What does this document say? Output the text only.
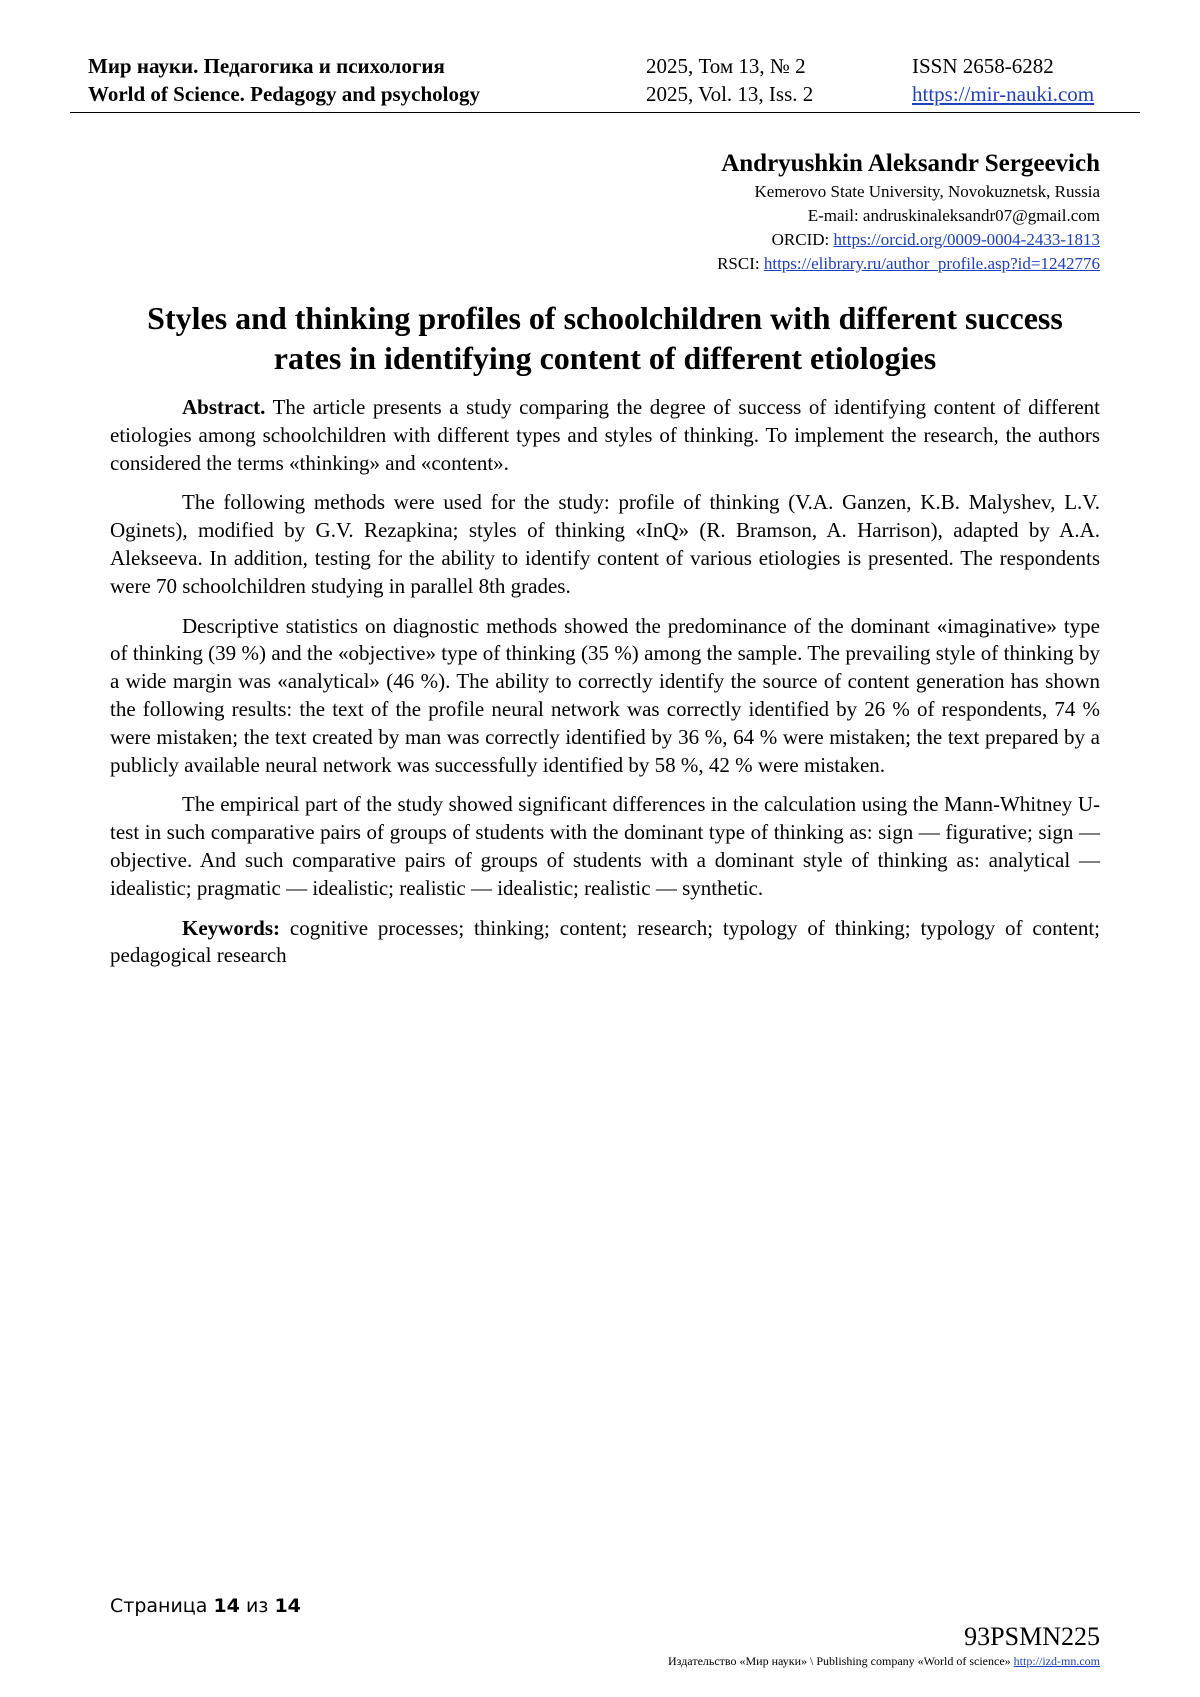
Мир науки. Педагогика и психология
World of Science. Pedagogy and psychology
2025, Том 13, № 2
2025, Vol. 13, Iss. 2
ISSN 2658-6282
https://mir-nauki.com
Andryushkin Aleksandr Sergeevich
Kemerovo State University, Novokuznetsk, Russia
E-mail: andruskinaleksandr07@gmail.com
ORCID: https://orcid.org/0009-0004-2433-1813
RSCI: https://elibrary.ru/author_profile.asp?id=1242776
Styles and thinking profiles of schoolchildren with different success rates in identifying content of different etiologies

Abstract. The article presents a study comparing the degree of success of identifying content of different etiologies among schoolchildren with different types and styles of thinking. To implement the research, the authors considered the terms «thinking» and «content».

The following methods were used for the study: profile of thinking (V.A. Ganzen, K.B. Malyshev, L.V. Oginets), modified by G.V. Rezapkina; styles of thinking «InQ» (R. Bramson, A. Harrison), adapted by A.A. Alekseeva. In addition, testing for the ability to identify content of various etiologies is presented. The respondents were 70 schoolchildren studying in parallel 8th grades.

Descriptive statistics on diagnostic methods showed the predominance of the dominant «imaginative» type of thinking (39 %) and the «objective» type of thinking (35 %) among the sample. The prevailing style of thinking by a wide margin was «analytical» (46 %). The ability to correctly identify the source of content generation has shown the following results: the text of the profile neural network was correctly identified by 26 % of respondents, 74 % were mistaken; the text created by man was correctly identified by 36 %, 64 % were mistaken; the text prepared by a publicly available neural network was successfully identified by 58 %, 42 % were mistaken.

The empirical part of the study showed significant differences in the calculation using the Mann-Whitney U-test in such comparative pairs of groups of students with the dominant type of thinking as: sign — figurative; sign — objective. And such comparative pairs of groups of students with a dominant style of thinking as: analytical — idealistic; pragmatic — idealistic; realistic — idealistic; realistic — synthetic.

Keywords: cognitive processes; thinking; content; research; typology of thinking; typology of content; pedagogical research

Страница 14 из 14
93PSMN225
Издательство «Мир науки» \ Publishing company «World of science» http://izd-mn.com
